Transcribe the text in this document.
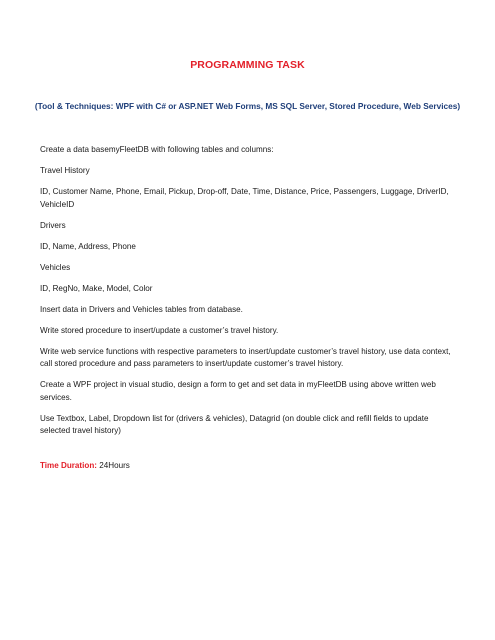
PROGRAMMING TASK
(Tool & Techniques: WPF with C# or ASP.NET Web Forms, MS SQL Server, Stored Procedure, Web Services)

Create a data basemyFleetDB with following tables and columns:

Travel History

ID, Customer Name, Phone, Email, Pickup, Drop-off, Date, Time, Distance, Price, Passengers, Luggage, DriverID, VehicleID

Drivers

ID, Name, Address, Phone

Vehicles

ID, RegNo, Make, Model, Color

Insert data in Drivers and Vehicles tables from database.

Write stored procedure to insert/update a customer’s travel history.

Write web service functions with respective parameters to insert/update customer’s travel history, use data context, call stored procedure and pass parameters to insert/update customer’s travel history.

Create a WPF project in visual studio, design a form to get and set data in myFleetDB using above written web services.

Use Textbox, Label, Dropdown list for (drivers & vehicles), Datagrid (on double click and refill fields to update selected travel history)

Time Duration: 24Hours
